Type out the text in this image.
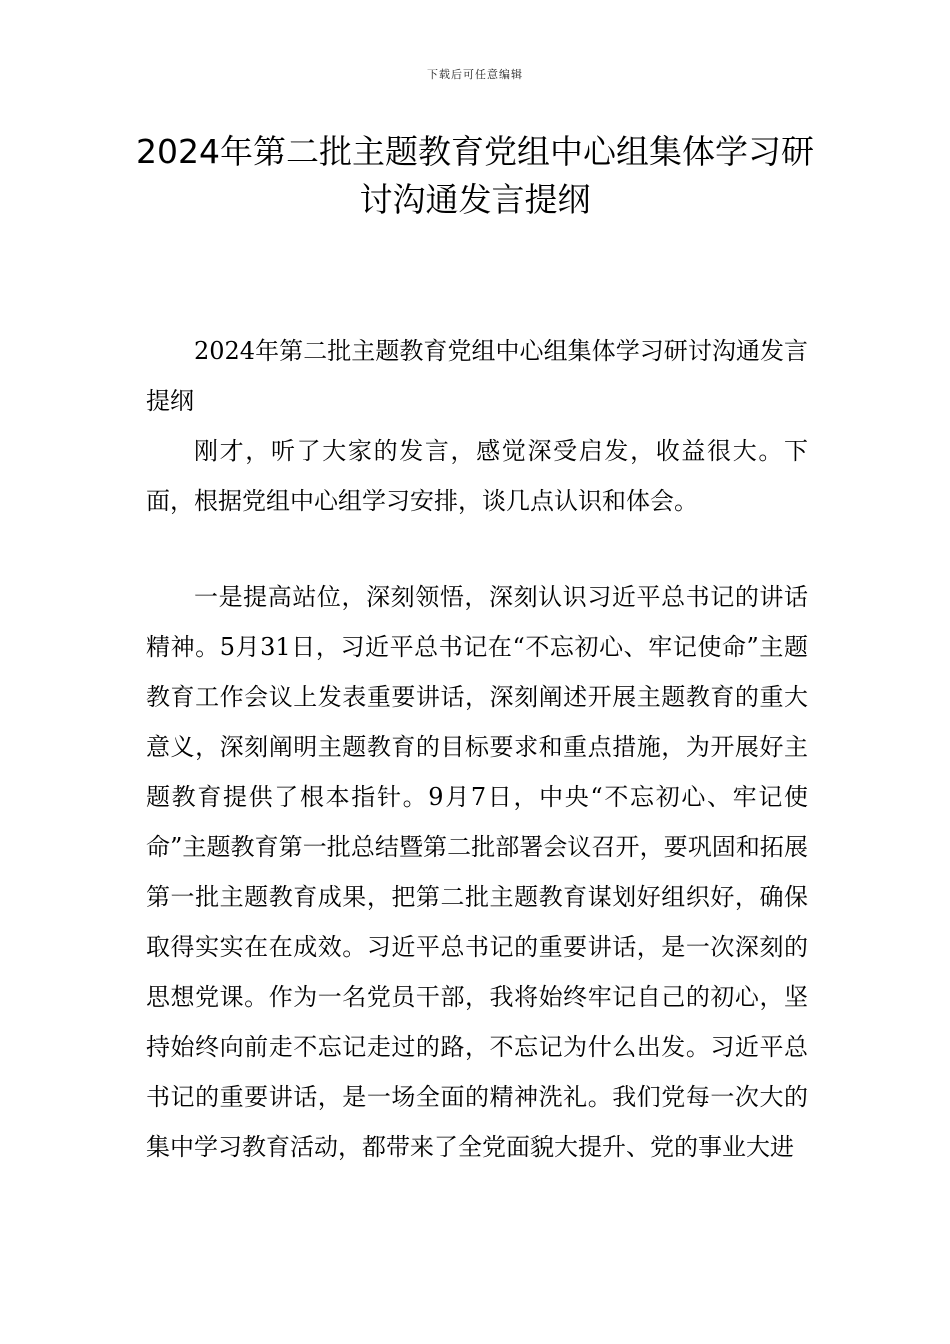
下载后可任意编辑
2024年第二批主题教育党组中心组集体学习研讨沟通发言提纲

2024年第二批主题教育党组中心组集体学习研讨沟通发言提纲

刚才，听了大家的发言，感觉深受启发，收益很大。下面，根据党组中心组学习安排，谈几点认识和体会。

一是提高站位，深刻领悟，深刻认识习近平总书记的讲话精神。5月31日，习近平总书记在“不忘初心、牢记使命”主题教育工作会议上发表重要讲话，深刻阐述开展主题教育的重大意义，深刻阐明主题教育的目标要求和重点措施，为开展好主题教育提供了根本指针。9月7日，中央“不忘初心、牢记使命”主题教育第一批总结暨第二批部署会议召开，要巩固和拓展第一批主题教育成果，把第二批主题教育谋划好组织好，确保取得实实在在成效。习近平总书记的重要讲话，是一次深刻的思想党课。作为一名党员干部，我将始终牢记自己的初心，坚持始终向前走不忘记走过的路，不忘记为什么出发。习近平总书记的重要讲话，是一场全面的精神洗礼。我们党每一次大的集中学习教育活动，都带来了全党面貌大提升、党的事业大进
